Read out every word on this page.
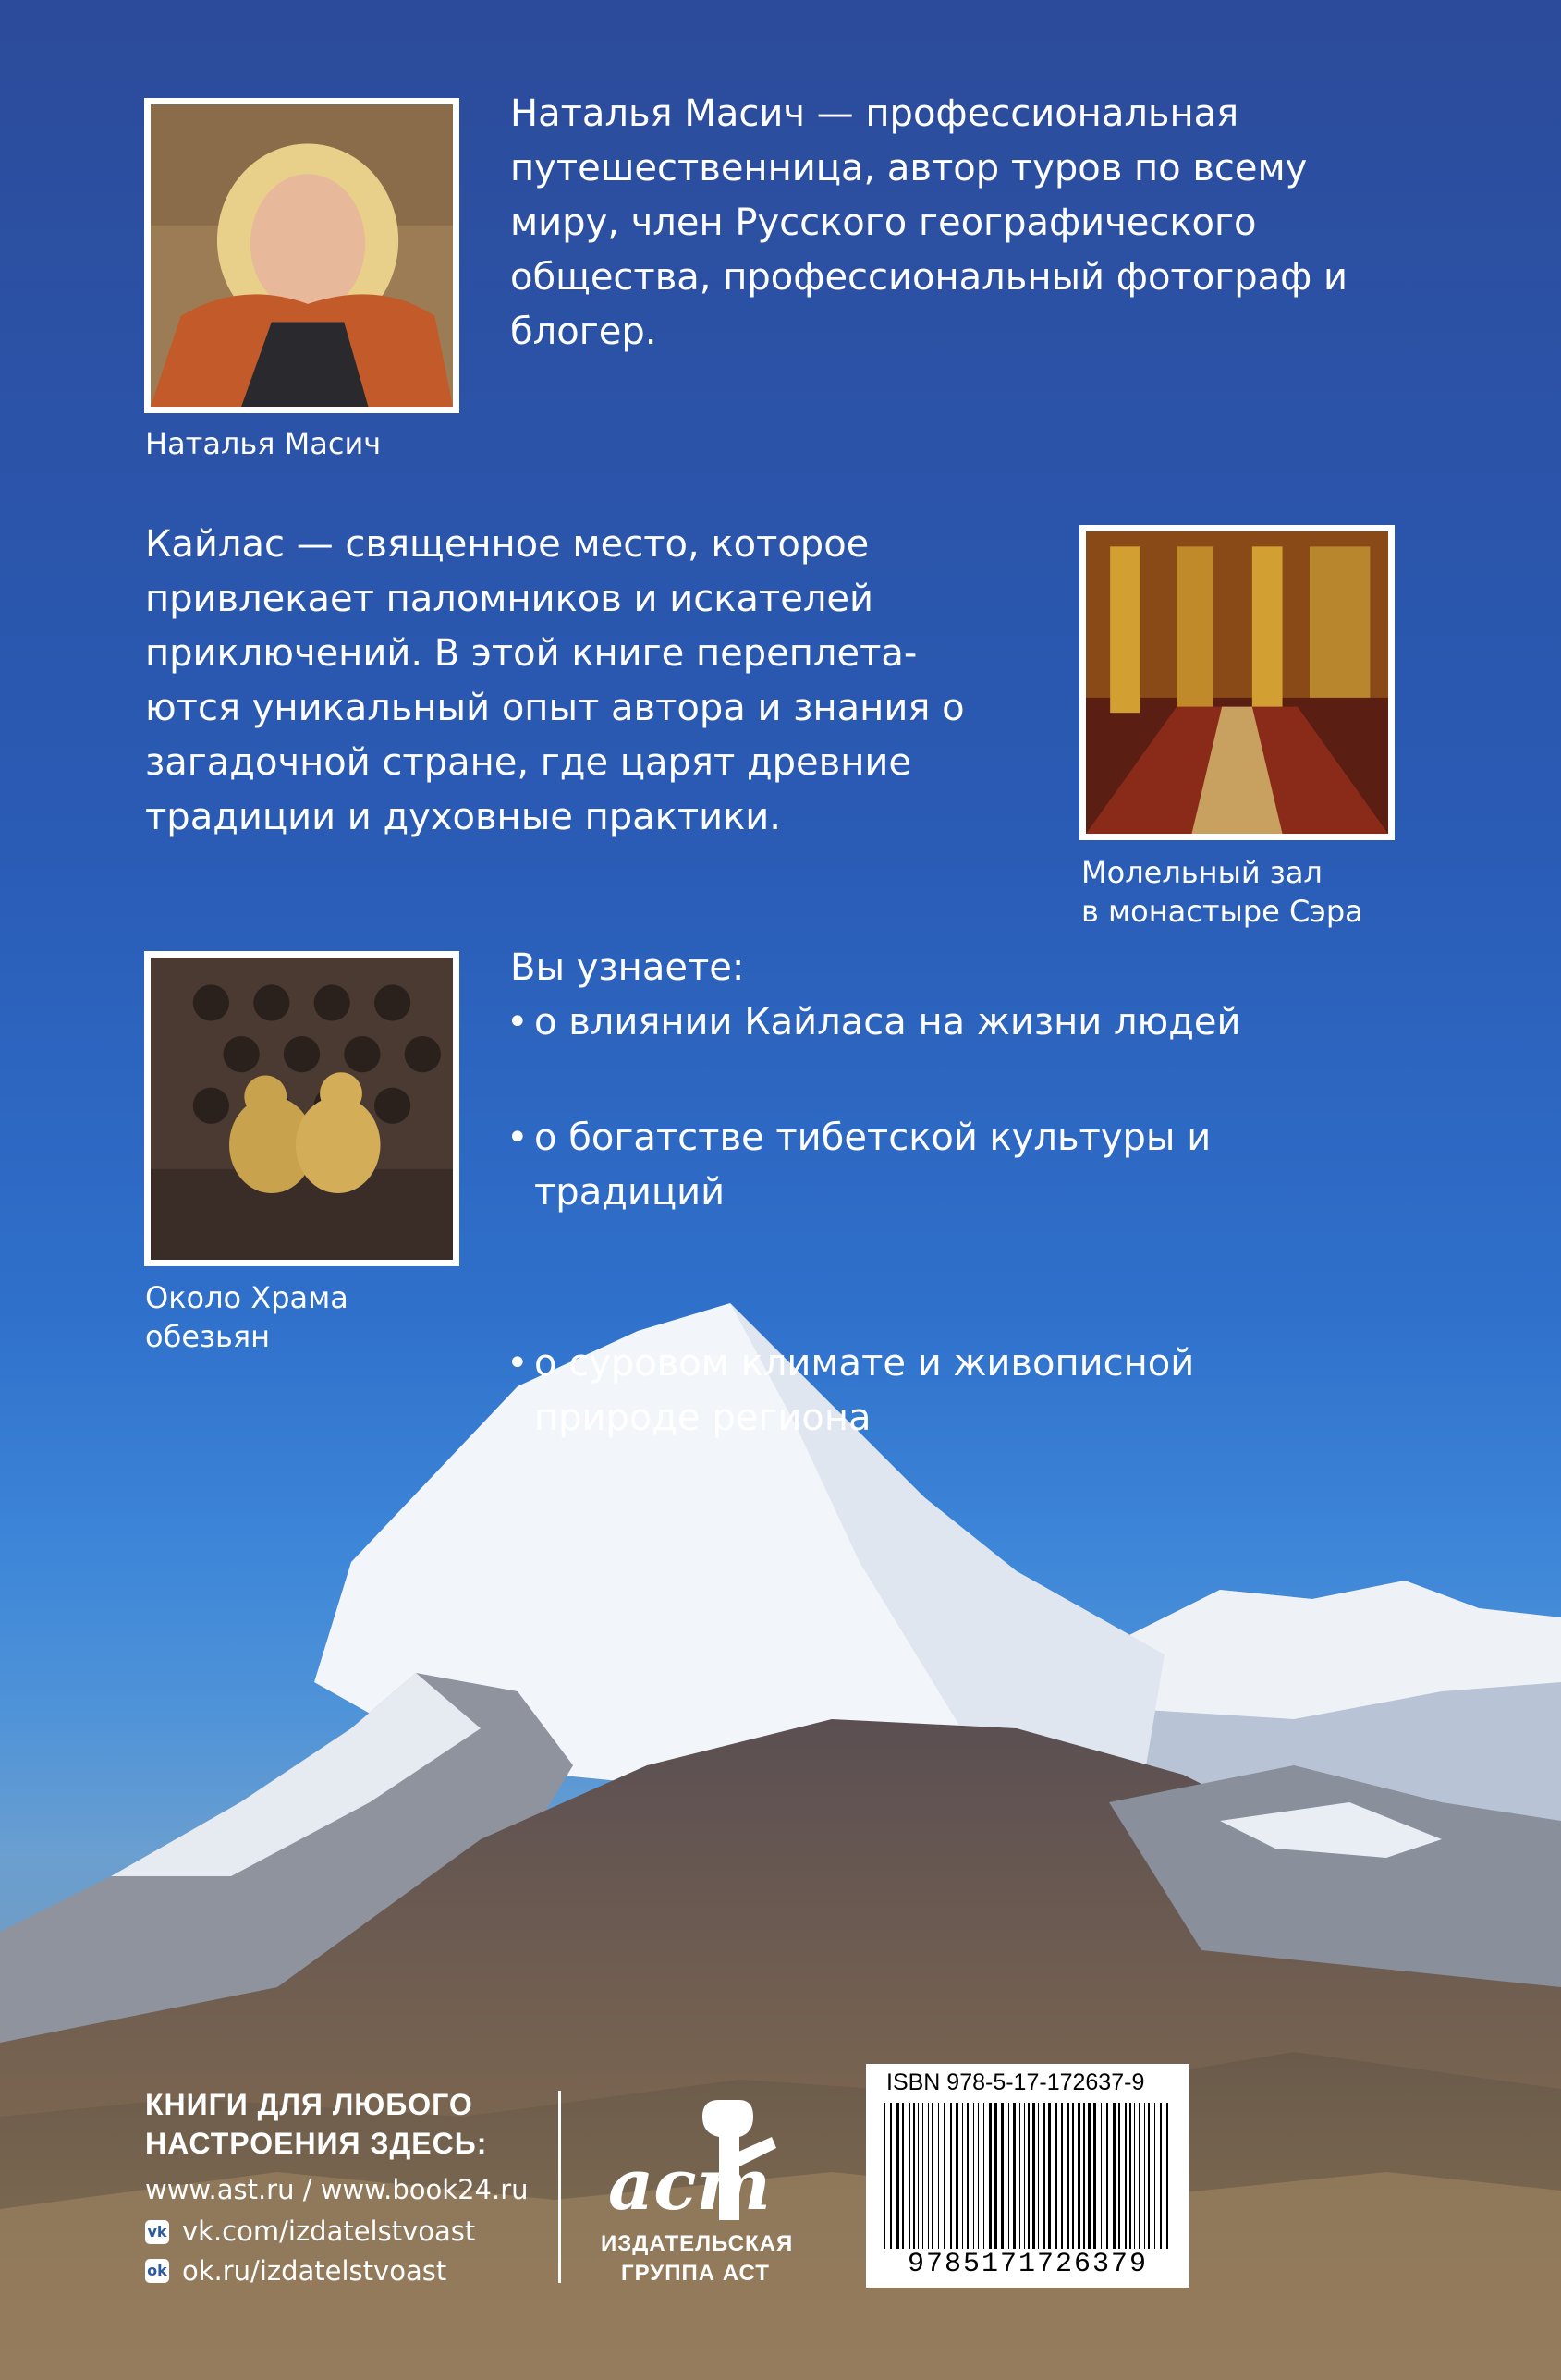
Наталья Масич
Наталья Масич — профессиональная путешественница, автор туров по всему миру, член Русского географического общества, профессиональный фотограф и блогер.
Кайлас — священное место, которое привлекает паломников и искателей приключений. В этой книге переплета-ются уникальный опыт автора и знания о загадочной стране, где царят древние традиции и духовные практики.
Молельный зал
в монастыре Сэра
Около Храма
обезьян
Вы узнаете:
• о влиянии Кайласа на жизни людей
• о богатстве тибетской культуры и традиций
• о суровом климате и живописной природе региона
КНИГИ ДЛЯ ЛЮБОГО
НАСТРОЕНИЯ ЗДЕСЬ:
www.ast.ru / www.book24.ru
vk vk.com/izdatelstvoast
ok ok.ru/izdatelstvoast
аст
ИЗДАТЕЛЬСКАЯ
ГРУППА АСТ
ISBN 978-5-17-172637-9
9785171726379
